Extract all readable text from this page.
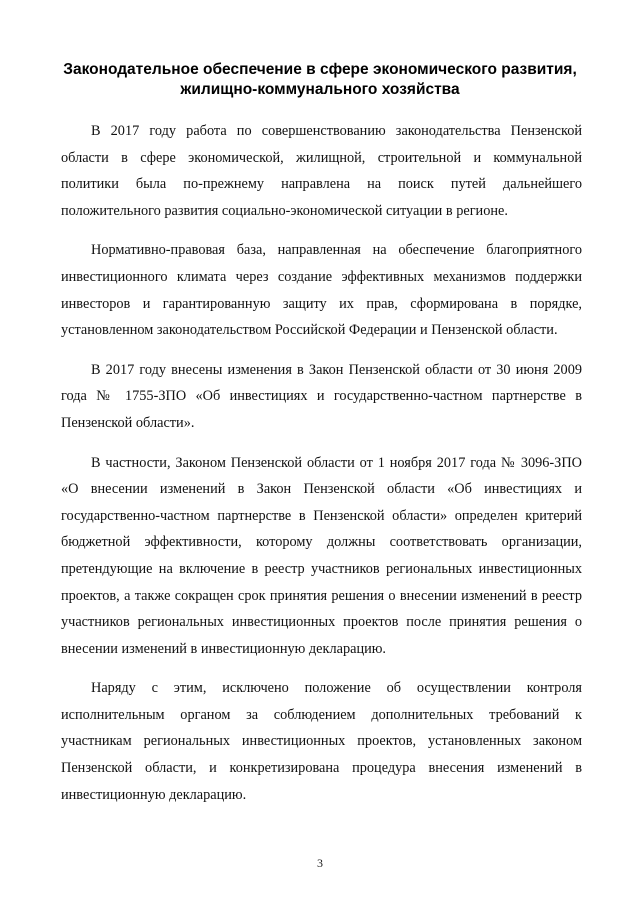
Законодательное обеспечение в сфере экономического развития, жилищно-коммунального хозяйства

В 2017 году работа по совершенствованию законодательства Пензенской области в сфере экономической, жилищной, строительной и коммунальной политики была по-прежнему направлена на поиск путей дальнейшего положительного развития социально-экономической ситуации в регионе.

Нормативно-правовая база, направленная на обеспечение благоприятного инвестиционного климата через создание эффективных механизмов поддержки инвесторов и гарантированную защиту их прав, сформирована в порядке, установленном законодательством Российской Федерации и Пензенской области.

В 2017 году внесены изменения в Закон Пензенской области от 30 июня 2009 года № 1755-ЗПО «Об инвестициях и государственно-частном партнерстве в Пензенской области».

В частности, Законом Пензенской области от 1 ноября 2017 года № 3096-ЗПО «О внесении изменений в Закон Пензенской области «Об инвестициях и государственно-частном партнерстве в Пензенской области» определен критерий бюджетной эффективности, которому должны соответствовать организации, претендующие на включение в реестр участников региональных инвестиционных проектов, а также сокращен срок принятия решения о внесении изменений в реестр участников региональных инвестиционных проектов после принятия решения о внесении изменений в инвестиционную декларацию.

Наряду с этим, исключено положение об осуществлении контроля исполнительным органом за соблюдением дополнительных требований к участникам региональных инвестиционных проектов, установленных законом Пензенской области, и конкретизирована процедура внесения изменений в инвестиционную декларацию.

3
